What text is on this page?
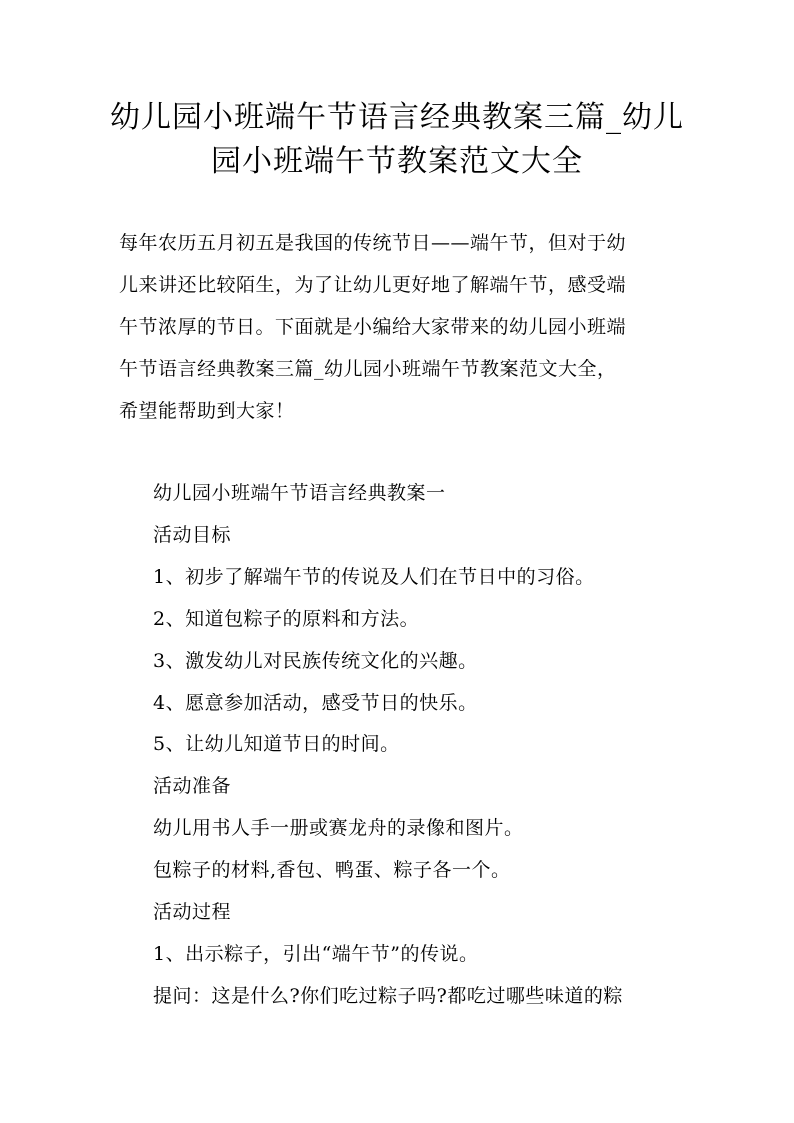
幼儿园小班端午节语言经典教案三篇_幼儿
园小班端午节教案范文大全

每年农历五月初五是我国的传统节日——端午节，但对于幼
儿来讲还比较陌生，为了让幼儿更好地了解端午节，感受端
午节浓厚的节日。下面就是小编给大家带来的幼儿园小班端
午节语言经典教案三篇_幼儿园小班端午节教案范文大全，
希望能帮助到大家！

幼儿园小班端午节语言经典教案一
活动目标
1、初步了解端午节的传说及人们在节日中的习俗。
2、知道包粽子的原料和方法。
3、激发幼儿对民族传统文化的兴趣。
4、愿意参加活动，感受节日的快乐。
5、让幼儿知道节日的时间。
活动准备
幼儿用书人手一册或赛龙舟的录像和图片。
包粽子的材料,香包、鸭蛋、粽子各一个。
活动过程
1、出示粽子，引出“端午节”的传说。
提问：这是什么?你们吃过粽子吗?都吃过哪些味道的粽
